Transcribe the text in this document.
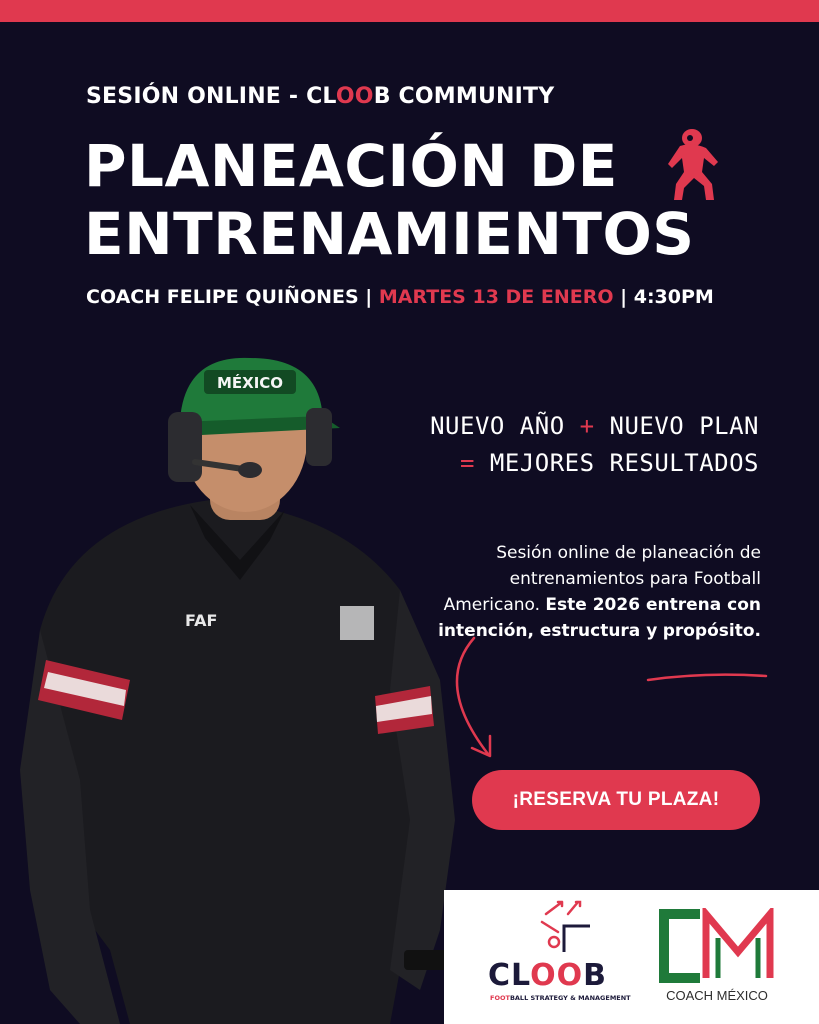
SESIÓN ONLINE - CLOOB COMMUNITY
PLANEACIÓN DE
ENTRENAMIENTOS
COACH FELIPE QUIÑONES | MARTES 13 DE ENERO | 4:30PM
MÉXICO
FAF
NUEVO AÑO + NUEVO PLAN
= MEJORES RESULTADOS
Sesión online de planeación de entrenamientos para Football Americano. Este 2026 entrena con intención, estructura y propósito.
¡RESERVA TU PLAZA!
CLOOB
FOOTBALL STRATEGY & MANAGEMENT	COACH MÉXICO
